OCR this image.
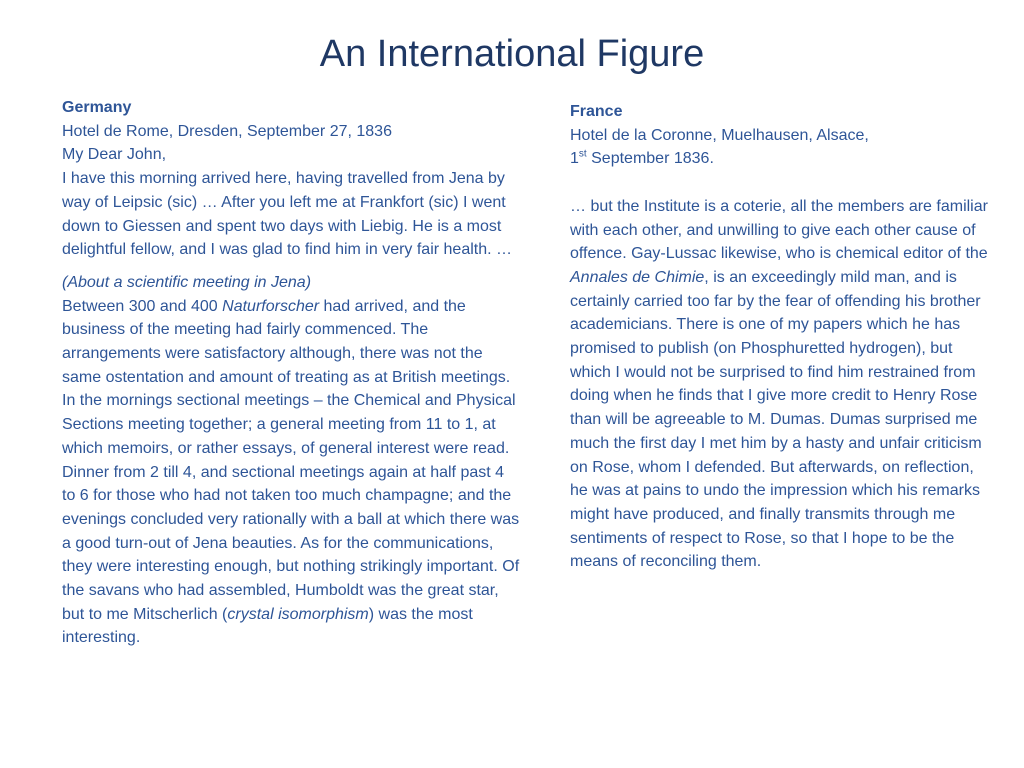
An International Figure
Germany
Hotel de Rome, Dresden, September 27, 1836
My Dear John,
I have this morning arrived here, having travelled from Jena by way of Leipsic (sic) … After you left me at Frankfort (sic) I went down to Giessen and spent two days with Liebig. He is a most delightful fellow, and I was glad to find him in very fair health. …
(About a scientific meeting in Jena)
Between 300 and 400 Naturforscher had arrived, and the business of the meeting had fairly commenced. The arrangements were satisfactory although, there was not the same ostentation and amount of treating as at British meetings. In the mornings sectional meetings – the Chemical and Physical Sections meeting together; a general meeting from 11 to 1, at which memoirs, or rather essays, of general interest were read. Dinner from 2 till 4, and sectional meetings again at half past 4 to 6 for those who had not taken too much champagne; and the evenings concluded very rationally with a ball at which there was a good turn-out of Jena beauties. As for the communications, they were interesting enough, but nothing strikingly important. Of the savans who had assembled, Humboldt was the great star, but to me Mitscherlich (crystal isomorphism) was the most interesting.
France
Hotel de la Coronne, Muelhausen, Alsace,
1st September 1836.
… but the Institute is a coterie, all the members are familiar with each other, and unwilling to give each other cause of offence. Gay-Lussac likewise, who is chemical editor of the Annales de Chimie, is an exceedingly mild man, and is certainly carried too far by the fear of offending his brother academicians. There is one of my papers which he has promised to publish (on Phosphuretted hydrogen), but which I would not be surprised to find him restrained from doing when he finds that I give more credit to Henry Rose than will be agreeable to M. Dumas. Dumas surprised me much the first day I met him by a hasty and unfair criticism on Rose, whom I defended. But afterwards, on reflection, he was at pains to undo the impression which his remarks might have produced, and finally transmits through me sentiments of respect to Rose, so that I hope to be the means of reconciling them.
